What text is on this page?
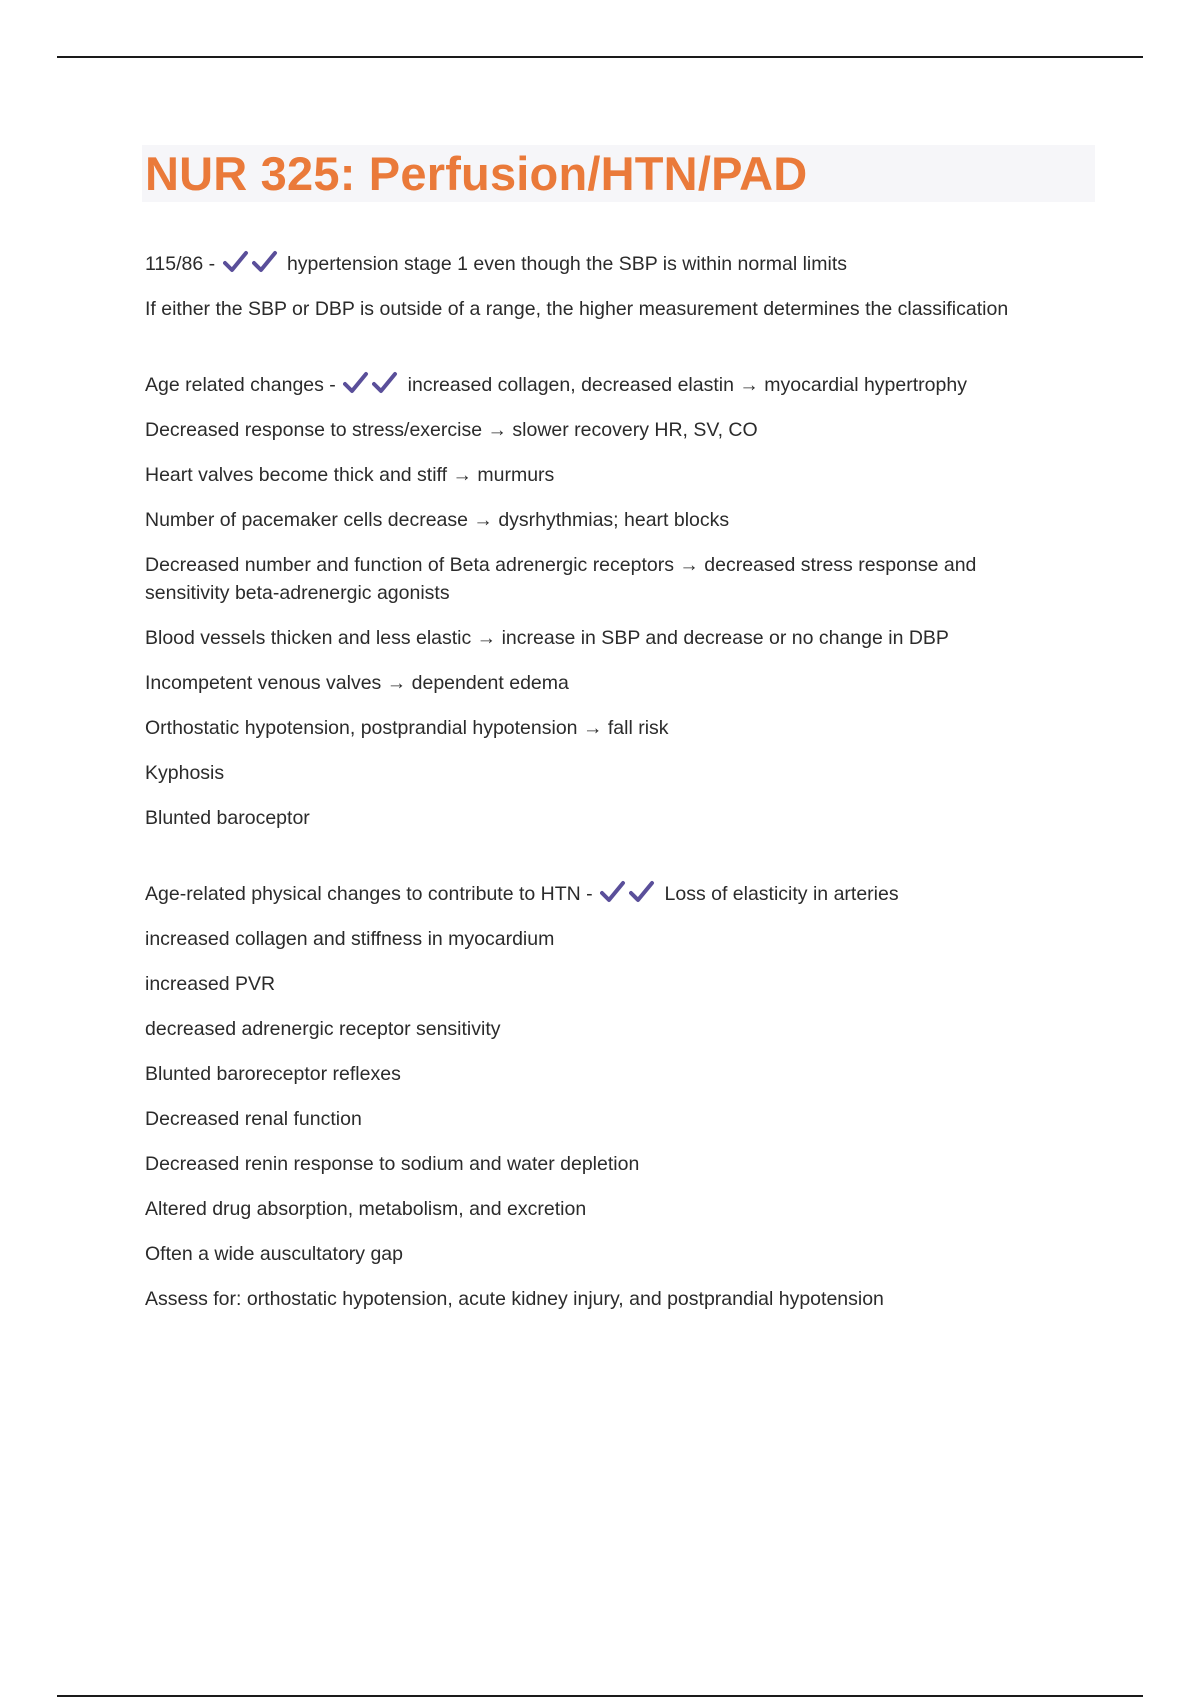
NUR 325: Perfusion/HTN/PAD

115/86 -	hypertension stage 1 even though the SBP is within normal limits

If either the SBP or DBP is outside of a range, the higher measurement determines the classification

Age related changes -	increased collagen, decreased elastin → myocardial hypertrophy

Decreased response to stress/exercise → slower recovery HR, SV, CO

Heart valves become thick and stiff → murmurs

Number of pacemaker cells decrease → dysrhythmias; heart blocks

Decreased number and function of Beta adrenergic receptors → decreased stress response and sensitivity beta-adrenergic agonists

Blood vessels thicken and less elastic → increase in SBP and decrease or no change in DBP

Incompetent venous valves → dependent edema

Orthostatic hypotension, postprandial hypotension → fall risk

Kyphosis

Blunted baroceptor

Age-related physical changes to contribute to HTN -	Loss of elasticity in arteries

increased collagen and stiffness in myocardium

increased PVR

decreased adrenergic receptor sensitivity

Blunted baroreceptor reflexes

Decreased renal function

Decreased renin response to sodium and water depletion

Altered drug absorption, metabolism, and excretion

Often a wide auscultatory gap

Assess for: orthostatic hypotension, acute kidney injury, and postprandial hypotension
